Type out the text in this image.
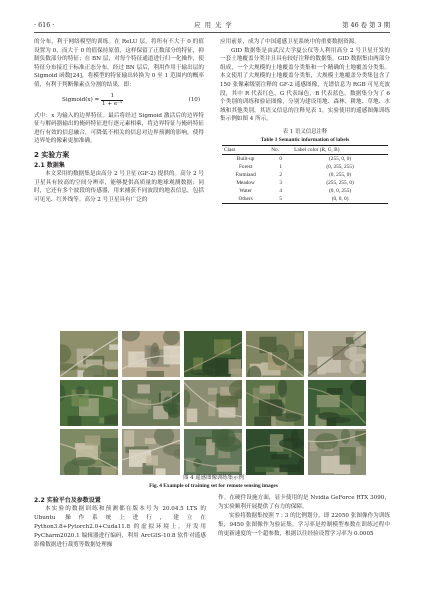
· 616 ·	应 用 光 学	第 46 卷 第 3 期

的分布，利于网络模型的训练。在 ReLU 层，将所有不大于 0 的值设置为 0，而大于 0 的值保持原值，这样保留了正数部分的特征，抑制负数部分的特征；在 BN 层，对每个特征通道进行归一化操作，使特征分布接近于标准正态分布，经过 BN 层后，利用作用于输出层的 Sigmoid 函数[24]，将模型的特征输出转换为 0 至 1 范围内的概率值，有利于判断像素点分割的结果，即：

Sigmoid(x) = $\frac{1}{\text{1 + e⁻ˣ}}$	(10)

式中：x 为输入的边界特征。最后将经过 Sigmoid 激活后的边界特征与解码器输出的掩码特征进行逐元素相乘，将边界特征与掩码特征进行有效的信息融合，可降低不相关的信息对边界预测的影响，使得边界处的像素更加准确。

2 实验方案
2.1 数据集

本文采用的数据集是由高分 2 号卫星 (GF-2) 提供的。高分 2 号卫星具有较高的空间分辨率，能够提供高质量的地球观测数据；同时，它还有多个波段的传感器，用来捕获不同波段的地表信息，包括可见光、红外线等。高分 2 号卫星具有广泛的

应用前景，成为了中国遥感卫星系统中的重要数据资源。

GID 数据集是由武汉大学夏公仪等人利用高分 2 号卫星开发的一套土地覆盖分类并且具有较好注释的数据集。GID 数据集由两部分组成，一个大规模的土地覆盖分类集和一个精确的土地覆盖分类集。本文使用了大规模的土地覆盖分类集，大规模土地覆盖分类集包含了 150 张像素级别注释的 GF-2 遥感图像，光谱信息为 RGB 可见光波段，其中 R 代表红色，G 代表绿色，B 代表蓝色。数据集分为了 6 个类别的训练和验证图像，分别为建设用地、森林、耕地、草地、水域和其他类别，其语义信息的注释见表 1，实验使用的遥感图像训练集示例如图 4 所示。

表 1 语义信息注释
Table 1 Semantic information of labels
Class	No.	Label color (R, G, B)
Built-up	0	(255, 0, 0)
Forest	1	(0, 255, 255)
Farmland	2	(0, 255, 0)
Meadow	3	(255, 255, 0)
Water	4	(0, 0, 255)
Others	5	(0, 0, 0)
图 4 遥感图像训练集示例
Fig. 4 Example of training set for remote sensing images
2.2 实验平台及参数设置

本实验的数据训练和预测都在版本号为 20.04.5 LTS 的 Ubuntu 操作系统上进行，建立在 Python3.8+Pytorch2.0+Cuda11.8 的虚拟环境上，开发用 PyCharm2020.1 编辑器进行编码，利用 ArcGIS-10.8 软件对遥感影像数据进行裁剪等数据处理操

作。在硬件设施方面，显卡使用的是 Nvidia GeForce RTX 3090，为实验顺利开展提供了有力的保障。

实验将数据集按照 7 : 3 的比例划分，即 22050 张图像作为训练集，9450 张图像作为验证集。学习率是控制模型参数在训练过程中的更新速度的一个超参数，根据以往经验设置学习率为 0.0005
